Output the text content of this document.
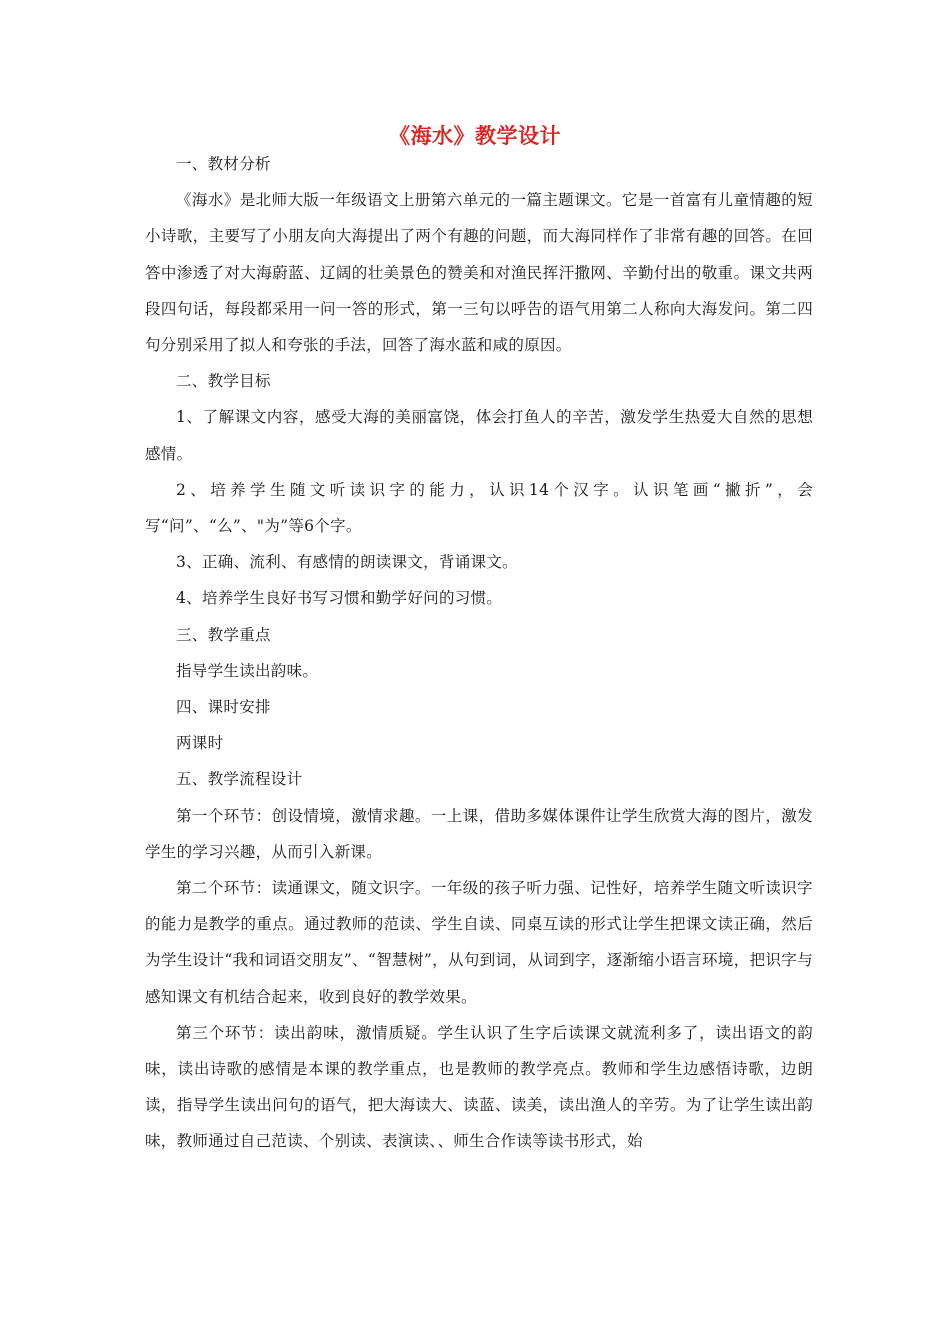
《海水》教学设计

一、教材分析

《海水》是北师大版一年级语文上册第六单元的一篇主题课文。它是一首富有儿童情趣的短小诗歌，主要写了小朋友向大海提出了两个有趣的问题，而大海同样作了非常有趣的回答。在回答中渗透了对大海蔚蓝、辽阔的壮美景色的赞美和对渔民挥汗撒网、辛勤付出的敬重。课文共两段四句话，每段都采用一问一答的形式，第一三句以呼告的语气用第二人称向大海发问。第二四句分别采用了拟人和夸张的手法，回答了海水蓝和咸的原因。

二、教学目标

1、了解课文内容，感受大海的美丽富饶，体会打鱼人的辛苦，激发学生热爱大自然的思想感情。

2、培养学生随文听读识字的能力，认识14个汉字。认识笔画“撇折”，会写“问”、“么”、"为”等6个字。

3、正确、流利、有感情的朗读课文，背诵课文。

4、培养学生良好书写习惯和勤学好问的习惯。

三、教学重点

指导学生读出韵味。

四、课时安排

两课时

五、教学流程设计

第一个环节：创设情境，激情求趣。一上课，借助多媒体课件让学生欣赏大海的图片，激发学生的学习兴趣，从而引入新课。

第二个环节：读通课文，随文识字。一年级的孩子听力强、记性好，培养学生随文听读识字的能力是教学的重点。通过教师的范读、学生自读、同桌互读的形式让学生把课文读正确，然后为学生设计“我和词语交朋友”、“智慧树”，从句到词，从词到字，逐渐缩小语言环境，把识字与感知课文有机结合起来，收到良好的教学效果。

第三个环节：读出韵味，激情质疑。学生认识了生字后读课文就流利多了，读出语文的韵味，读出诗歌的感情是本课的教学重点，也是教师的教学亮点。教师和学生边感悟诗歌，边朗读，指导学生读出问句的语气，把大海读大、读蓝、读美，读出渔人的辛劳。为了让学生读出韵味，教师通过自己范读、个别读、表演读、、师生合作读等读书形式，始
